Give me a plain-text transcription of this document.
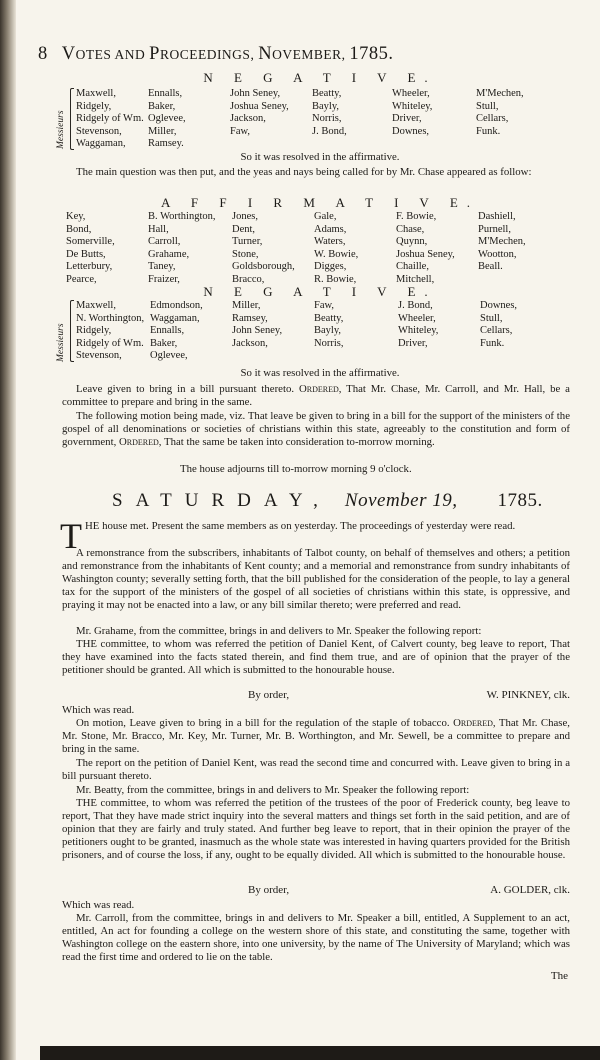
8 VOTES AND PROCEEDINGS, NOVEMBER, 1785.
N E G A T I V E.
Messieurs
Maxwell,
Ridgely,
Ridgely of Wm.
Stevenson,
Waggaman,
Ennalls,
Baker,
Oglevee,
Miller,
Ramsey.
John Seney,
Joshua Seney,
Jackson,
Faw,
Beatty,
Bayly,
Norris,
J. Bond,
Wheeler,
Whiteley,
Driver,
Downes,
M'Mechen,
Stull,
Cellars,
Funk.
So it was resolved in the affirmative.

The main question was then put, and the yeas and nays being called for by Mr. Chase appeared as follow:

A F F I R M A T I V E.
Key,
Bond,
Somerville,
De Butts,
Letterbury,
Pearce,
B. Worthington,
Hall,
Carroll,
Grahame,
Taney,
Fraizer,
Jones,
Dent,
Turner,
Stone,
Goldsborough,
Bracco,
Gale,
Adams,
Waters,
W. Bowie,
Digges,
R. Bowie,
F. Bowie,
Chase,
Quynn,
Joshua Seney,
Chaille,
Mitchell,
Dashiell,
Purnell,
M'Mechen,
Wootton,
Beall.
N E G A T I V E.
Messieurs
Maxwell,
N. Worthington,
Ridgely,
Ridgely of Wm.
Stevenson,
Edmondson,
Waggaman,
Ennalls,
Baker,
Oglevee,
Miller,
Ramsey,
John Seney,
Jackson,
Faw,
Beatty,
Bayly,
Norris,
J. Bond,
Wheeler,
Whiteley,
Driver,
Downes,
Stull,
Cellars,
Funk.
So it was resolved in the affirmative.

Leave given to bring in a bill pursuant thereto. Ordered, That Mr. Chase, Mr. Carroll, and Mr. Hall, be a committee to prepare and bring in the same.

The following motion being made, viz. That leave be given to bring in a bill for the support of the ministers of the gospel of all denominations or societies of christians within this state, agreeably to the constitution and form of government, Ordered, That the same be taken into consideration to-morrow morning.

The house adjourns till to-morrow morning 9 o'clock.
SATURDAY, November 19, 1785.

THE house met. Present the same members as on yesterday. The proceedings of yesterday were read.

A remonstrance from the subscribers, inhabitants of Talbot county, on behalf of themselves and others; a petition and remonstrance from the inhabitants of Kent county; and a memorial and remonstrance from sundry inhabitants of Washington county; severally setting forth, that the bill published for the consideration of the people, to lay a general tax for the support of the ministers of the gospel of all societies of christians within this state, is oppressive, and praying it may not be enacted into a law, or any bill similar thereto; were preferred and read.

Mr. Grahame, from the committee, brings in and delivers to Mr. Speaker the following report:

THE committee, to whom was referred the petition of Daniel Kent, of Calvert county, beg leave to report, That they have examined into the facts stated therein, and find them true, and are of opinion that the prayer of the petitioner should be granted. All which is submitted to the honourable house.

By order,	W. PINKNEY, clk.
Which was read.

On motion, Leave given to bring in a bill for the regulation of the staple of tobacco. Ordered, That Mr. Chase, Mr. Stone, Mr. Bracco, Mr. Key, Mr. Turner, Mr. B. Worthington, and Mr. Sewell, be a committee to prepare and bring in the same.

The report on the petition of Daniel Kent, was read the second time and concurred with. Leave given to bring in a bill pursuant thereto.

Mr. Beatty, from the committee, brings in and delivers to Mr. Speaker the following report:

THE committee, to whom was referred the petition of the trustees of the poor of Frederick county, beg leave to report, That they have made strict inquiry into the several matters and things set forth in the said petition, and are of opinion that they are fairly and truly stated. And further beg leave to report, that in their opinion the prayer of the petitioners ought to be granted, inasmuch as the whole state was interested in having quarters provided for the British prisoners, and of course the loss, if any, ought to be equally divided. All which is submitted to the honourable house.

By order,	A. GOLDER, clk.
Which was read.

Mr. Carroll, from the committee, brings in and delivers to Mr. Speaker a bill, entitled, A Supplement to an act, entitled, An act for founding a college on the western shore of this state, and constituting the same, together with Washington college on the eastern shore, into one university, by the name of The University of Maryland; which was read the first time and ordered to lie on the table.

The
